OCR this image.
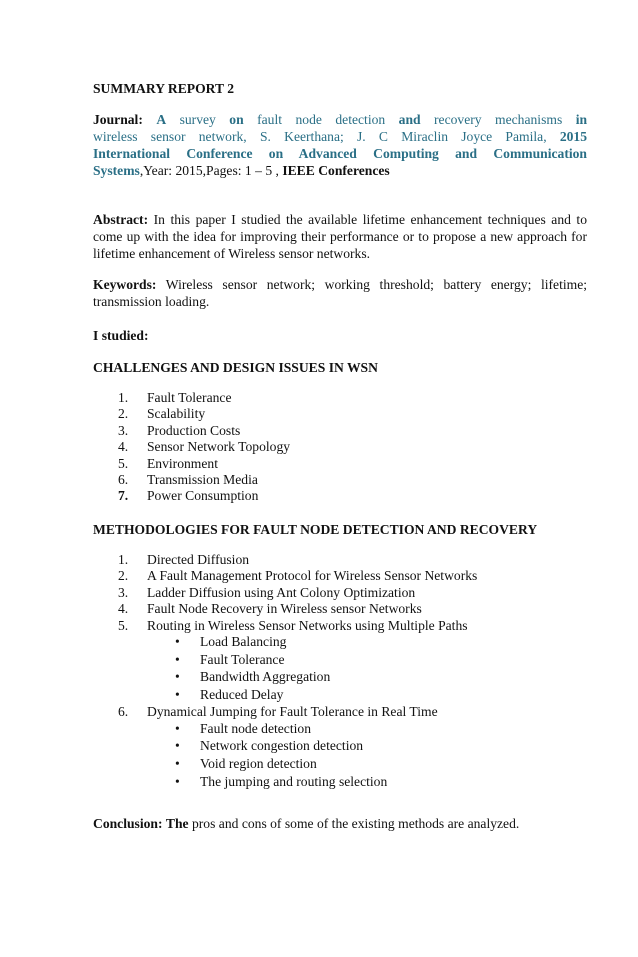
SUMMARY REPORT 2
Journal: A survey on fault node detection and recovery mechanisms in
wireless sensor network, S. Keerthana; J. C Miraclin Joyce Pamila, 2015
International Conference on Advanced Computing and Communication
Systems,Year: 2015,Pages: 1 – 5 , IEEE Conferences
Abstract: In this paper I studied the available lifetime enhancement techniques and to come up with the idea for improving their performance or to propose a new approach for lifetime enhancement of Wireless sensor networks.
Keywords: Wireless sensor network; working threshold; battery energy; lifetime; transmission loading.
I studied:
CHALLENGES AND DESIGN ISSUES IN WSN
1. Fault Tolerance
2. Scalability
3. Production Costs
4. Sensor Network Topology
5. Environment
6. Transmission Media
7. Power Consumption
METHODOLOGIES FOR FAULT NODE DETECTION AND RECOVERY
1. Directed Diffusion
2. A Fault Management Protocol for Wireless Sensor Networks
3. Ladder Diffusion using Ant Colony Optimization
4. Fault Node Recovery in Wireless sensor Networks
5. Routing in Wireless Sensor Networks using Multiple Paths
• Load Balancing
• Fault Tolerance
• Bandwidth Aggregation
• Reduced Delay
6. Dynamical Jumping for Fault Tolerance in Real Time
• Fault node detection
• Network congestion detection
• Void region detection
• The jumping and routing selection
Conclusion: The pros and cons of some of the existing methods are analyzed.
